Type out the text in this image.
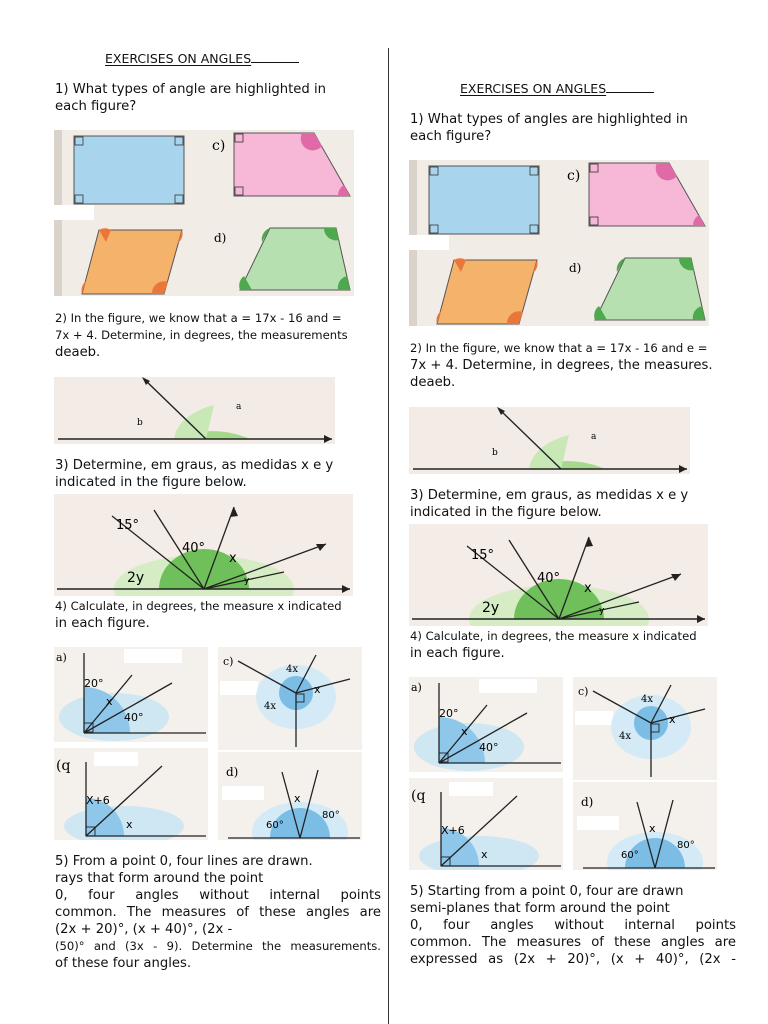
EXERCISES ON ANGLES
1) What types of angle are highlighted in
each figure?
c)
d)
2) In the figure, we know that a = 17x - 16 and =
7x + 4. Determine, in degrees, the measurements
deaeb.
a
b
3) Determine, em graus, as medidas x e y
indicated in the figure below.
15°
40°
x
2y	y
4) Calculate, in degrees, the measure x indicated
in each figure.
a)
20°
x
40°
c)
4x
x
4x
(q
X+6
x
d)
x
60°
80°
5) From a point 0, four lines are drawn.
rays that form around the point
0, four angles without internal points
common. The measures of these angles are
(2x + 20)°, (x + 40)°, (2x -
(50)° and (3x - 9). Determine the measurements.
of these four angles.
EXERCISES ON ANGLES
1) What types of angles are highlighted in
each figure?
c)
d)
2) In the figure, we know that a = 17x - 16 and e =
7x + 4. Determine, in degrees, the measures.
deaeb.
a
b
3) Determine, em graus, as medidas x e y
indicated in the figure below.
15°
40°
x
2y	y
4) Calculate, in degrees, the measure x indicated
in each figure.
a)
20°
x
40°
c)
4x
x
4x
(q
X+6
x
d)
x
60°
80°
5) Starting from a point 0, four are drawn
semi-planes that form around the point
0, four angles without internal points
common. The measures of these angles are
expressed as (2x + 20)°, (x + 40)°, (2x -
